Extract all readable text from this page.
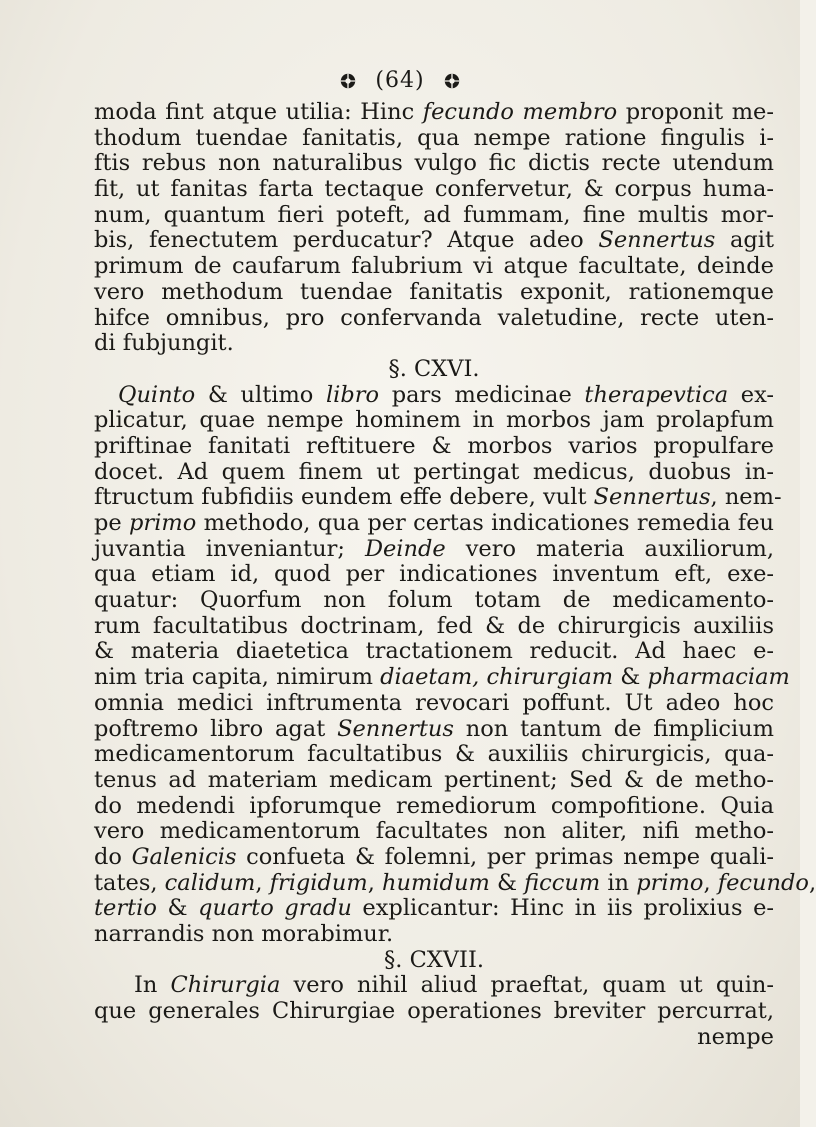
(64)
moda fint atque utilia: Hinc fecundo membro proponit me-
thodum tuendae fanitatis, qua nempe ratione fingulis i-
ftis rebus non naturalibus vulgo fic dictis recte utendum
fit, ut fanitas farta tectaque confervetur, & corpus huma-
num, quantum fieri poteft, ad fummam, fine multis mor-
bis, fenectutem perducatur? Atque adeo Sennertus agit
primum de caufarum falubrium vi atque facultate, deinde
vero methodum tuendae fanitatis exponit, rationemque
hifce omnibus, pro confervanda valetudine, recte uten-
di fubjungit.
§. CXVI.
Quinto & ultimo libro pars medicinae therapevtica ex-
plicatur, quae nempe hominem in morbos jam prolapfum
priftinae fanitati reftituere & morbos varios propulfare
docet. Ad quem finem ut pertingat medicus, duobus in-
ftructum fubfidiis eundem effe debere, vult Sennertus, nem-
pe primo methodo, qua per certas indicationes remedia feu
juvantia inveniantur; Deinde vero materia auxiliorum,
qua etiam id, quod per indicationes inventum eft, exe-
quatur: Quorfum non folum totam de medicamento-
rum facultatibus doctrinam, fed & de chirurgicis auxiliis
& materia diaetetica tractationem reducit. Ad haec e-
nim tria capita, nimirum diaetam, chirurgiam & pharmaciam
omnia medici inftrumenta revocari poffunt. Ut adeo hoc
poftremo libro agat Sennertus non tantum de fimplicium
medicamentorum facultatibus & auxiliis chirurgicis, qua-
tenus ad materiam medicam pertinent; Sed & de metho-
do medendi ipforumque remediorum compofitione. Quia
vero medicamentorum facultates non aliter, nifi metho-
do Galenicis confueta & folemni, per primas nempe quali-
tates, calidum, frigidum, humidum & ficcum in primo, fecundo,
tertio & quarto gradu explicantur: Hinc in iis prolixius e-
narrandis non morabimur.
§. CXVII.
In Chirurgia vero nihil aliud praeftat, quam ut quin-
que generales Chirurgiae operationes breviter percurrat,
nempe
